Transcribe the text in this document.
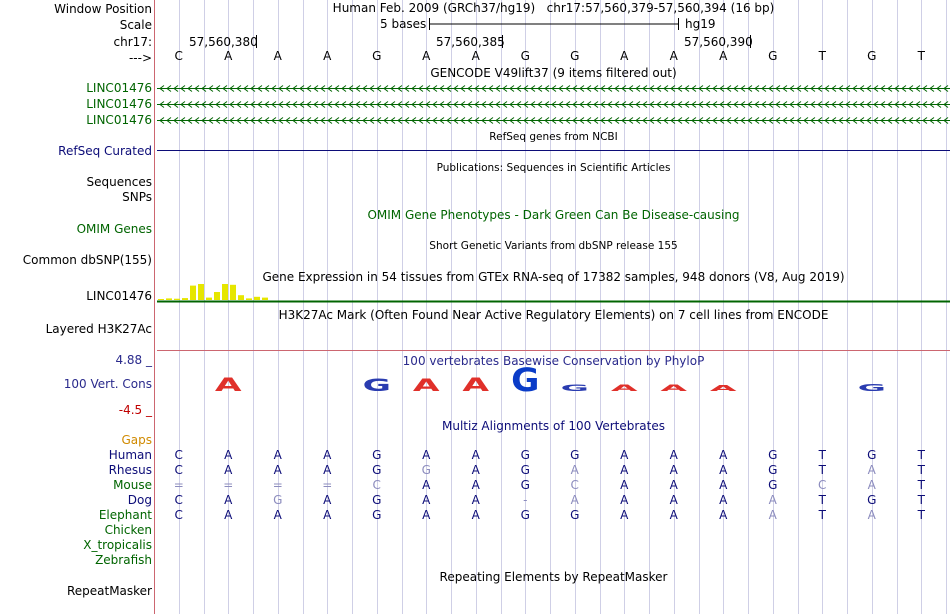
A	G A A G G A A A	G
Window Position	Human Feb. 2009 (GRCh37/hg19)   chr17:57,560,379-57,560,394 (16 bp)
Scale	5 bases	hg19
chr17:	57,560,380	57,560,385	57,560,390
---> C	A	A	A	G	A	A	G	G	A	A	A	G	T	G	T
GENCODE V49lift37 (9 items filtered out)
LINC01476
LINC01476
LINC01476
RefSeq genes from NCBI
RefSeq Curated
Publications: Sequences in Scientific Articles
Sequences
SNPs
OMIM Gene Phenotypes - Dark Green Can Be Disease-causing
OMIM Genes
Short Genetic Variants from dbSNP release 155
Common dbSNP(155)
Gene Expression in 54 tissues from GTEx RNA-seq of 17382 samples, 948 donors (V8, Aug 2019)
LINC01476
H3K27Ac Mark (Often Found Near Active Regulatory Elements) on 7 cell lines from ENCODE
Layered H3K27Ac
100 vertebrates Basewise Conservation by PhyloP
4.88 _
100 Vert. Cons
-4.5 _
Multiz Alignments of 100 Vertebrates
Gaps
Human C	A	A	A	G	A	A	G	G	A	A	A	G	T	G	T
Rhesus C	A	A	A	G	G	A	G	A	A	A	A	G	T	A	T
Mouse =	=	=	=	C	A	A	G	C	A	A	A	G	C	A	T
Dog C	A	G	A	G	A	A	-	A	A	A	A	A	T	G	T
Elephant C	A	A	A	G	A	A	G	G	A	A	A	A	T	A	T
Chicken
X_tropicalis
Zebrafish
Repeating Elements by RepeatMasker
RepeatMasker
